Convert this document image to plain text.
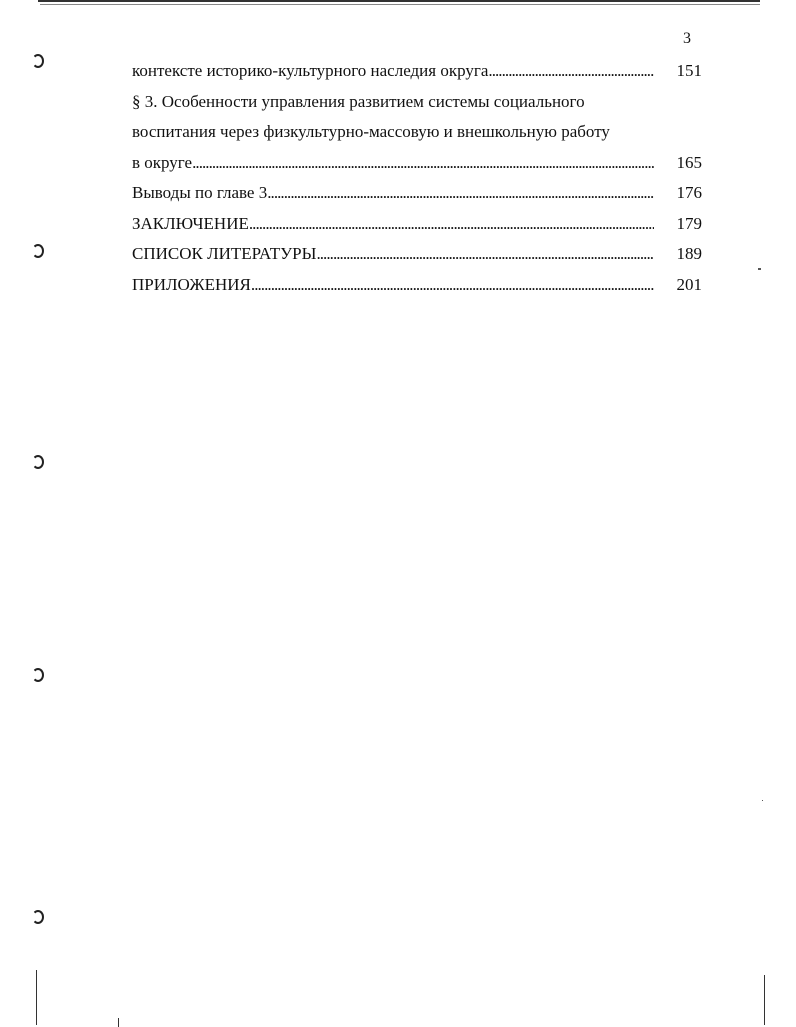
3
контексте историко-культурного наследия округа . . .	151
§ 3. Особенности управления развитием системы социального
воспитания через физкультурно-массовую и внешкольную работу
в округе . . .	165
Выводы по главе 3 . . .	176
ЗАКЛЮЧЕНИЕ . . .	179
СПИСОК ЛИТЕРАТУРЫ . . .	189
ПРИЛОЖЕНИЯ . . .	201
